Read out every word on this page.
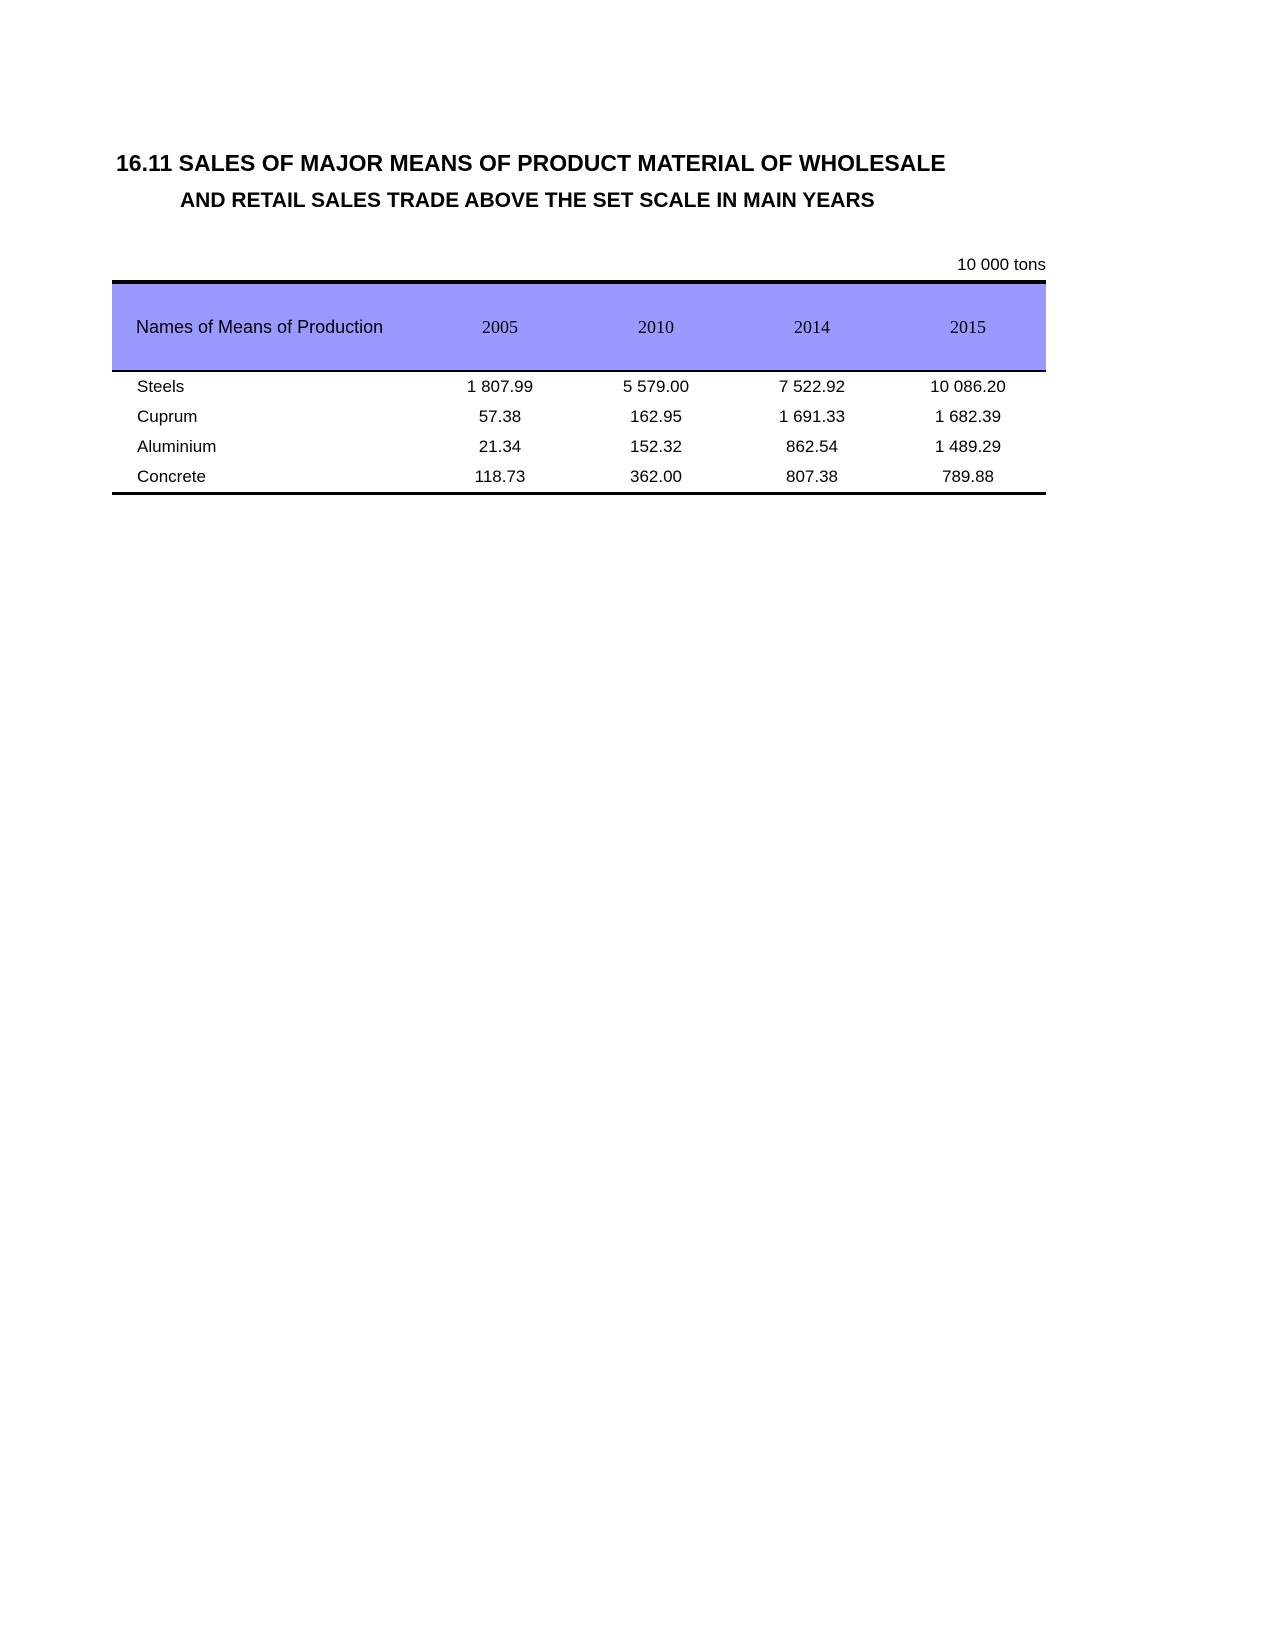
16.11 SALES OF MAJOR MEANS OF PRODUCT MATERIAL OF WHOLESALE
AND RETAIL SALES TRADE ABOVE THE SET SCALE IN MAIN YEARS
10 000 tons
Names of Means of Production	2005	2010	2014	2015
Steels	1 807.99	5 579.00	7 522.92	10 086.20
Cuprum	57.38	162.95	1 691.33	1 682.39
Aluminium	21.34	152.32	862.54	1 489.29
Concrete	118.73	362.00	807.38	789.88
